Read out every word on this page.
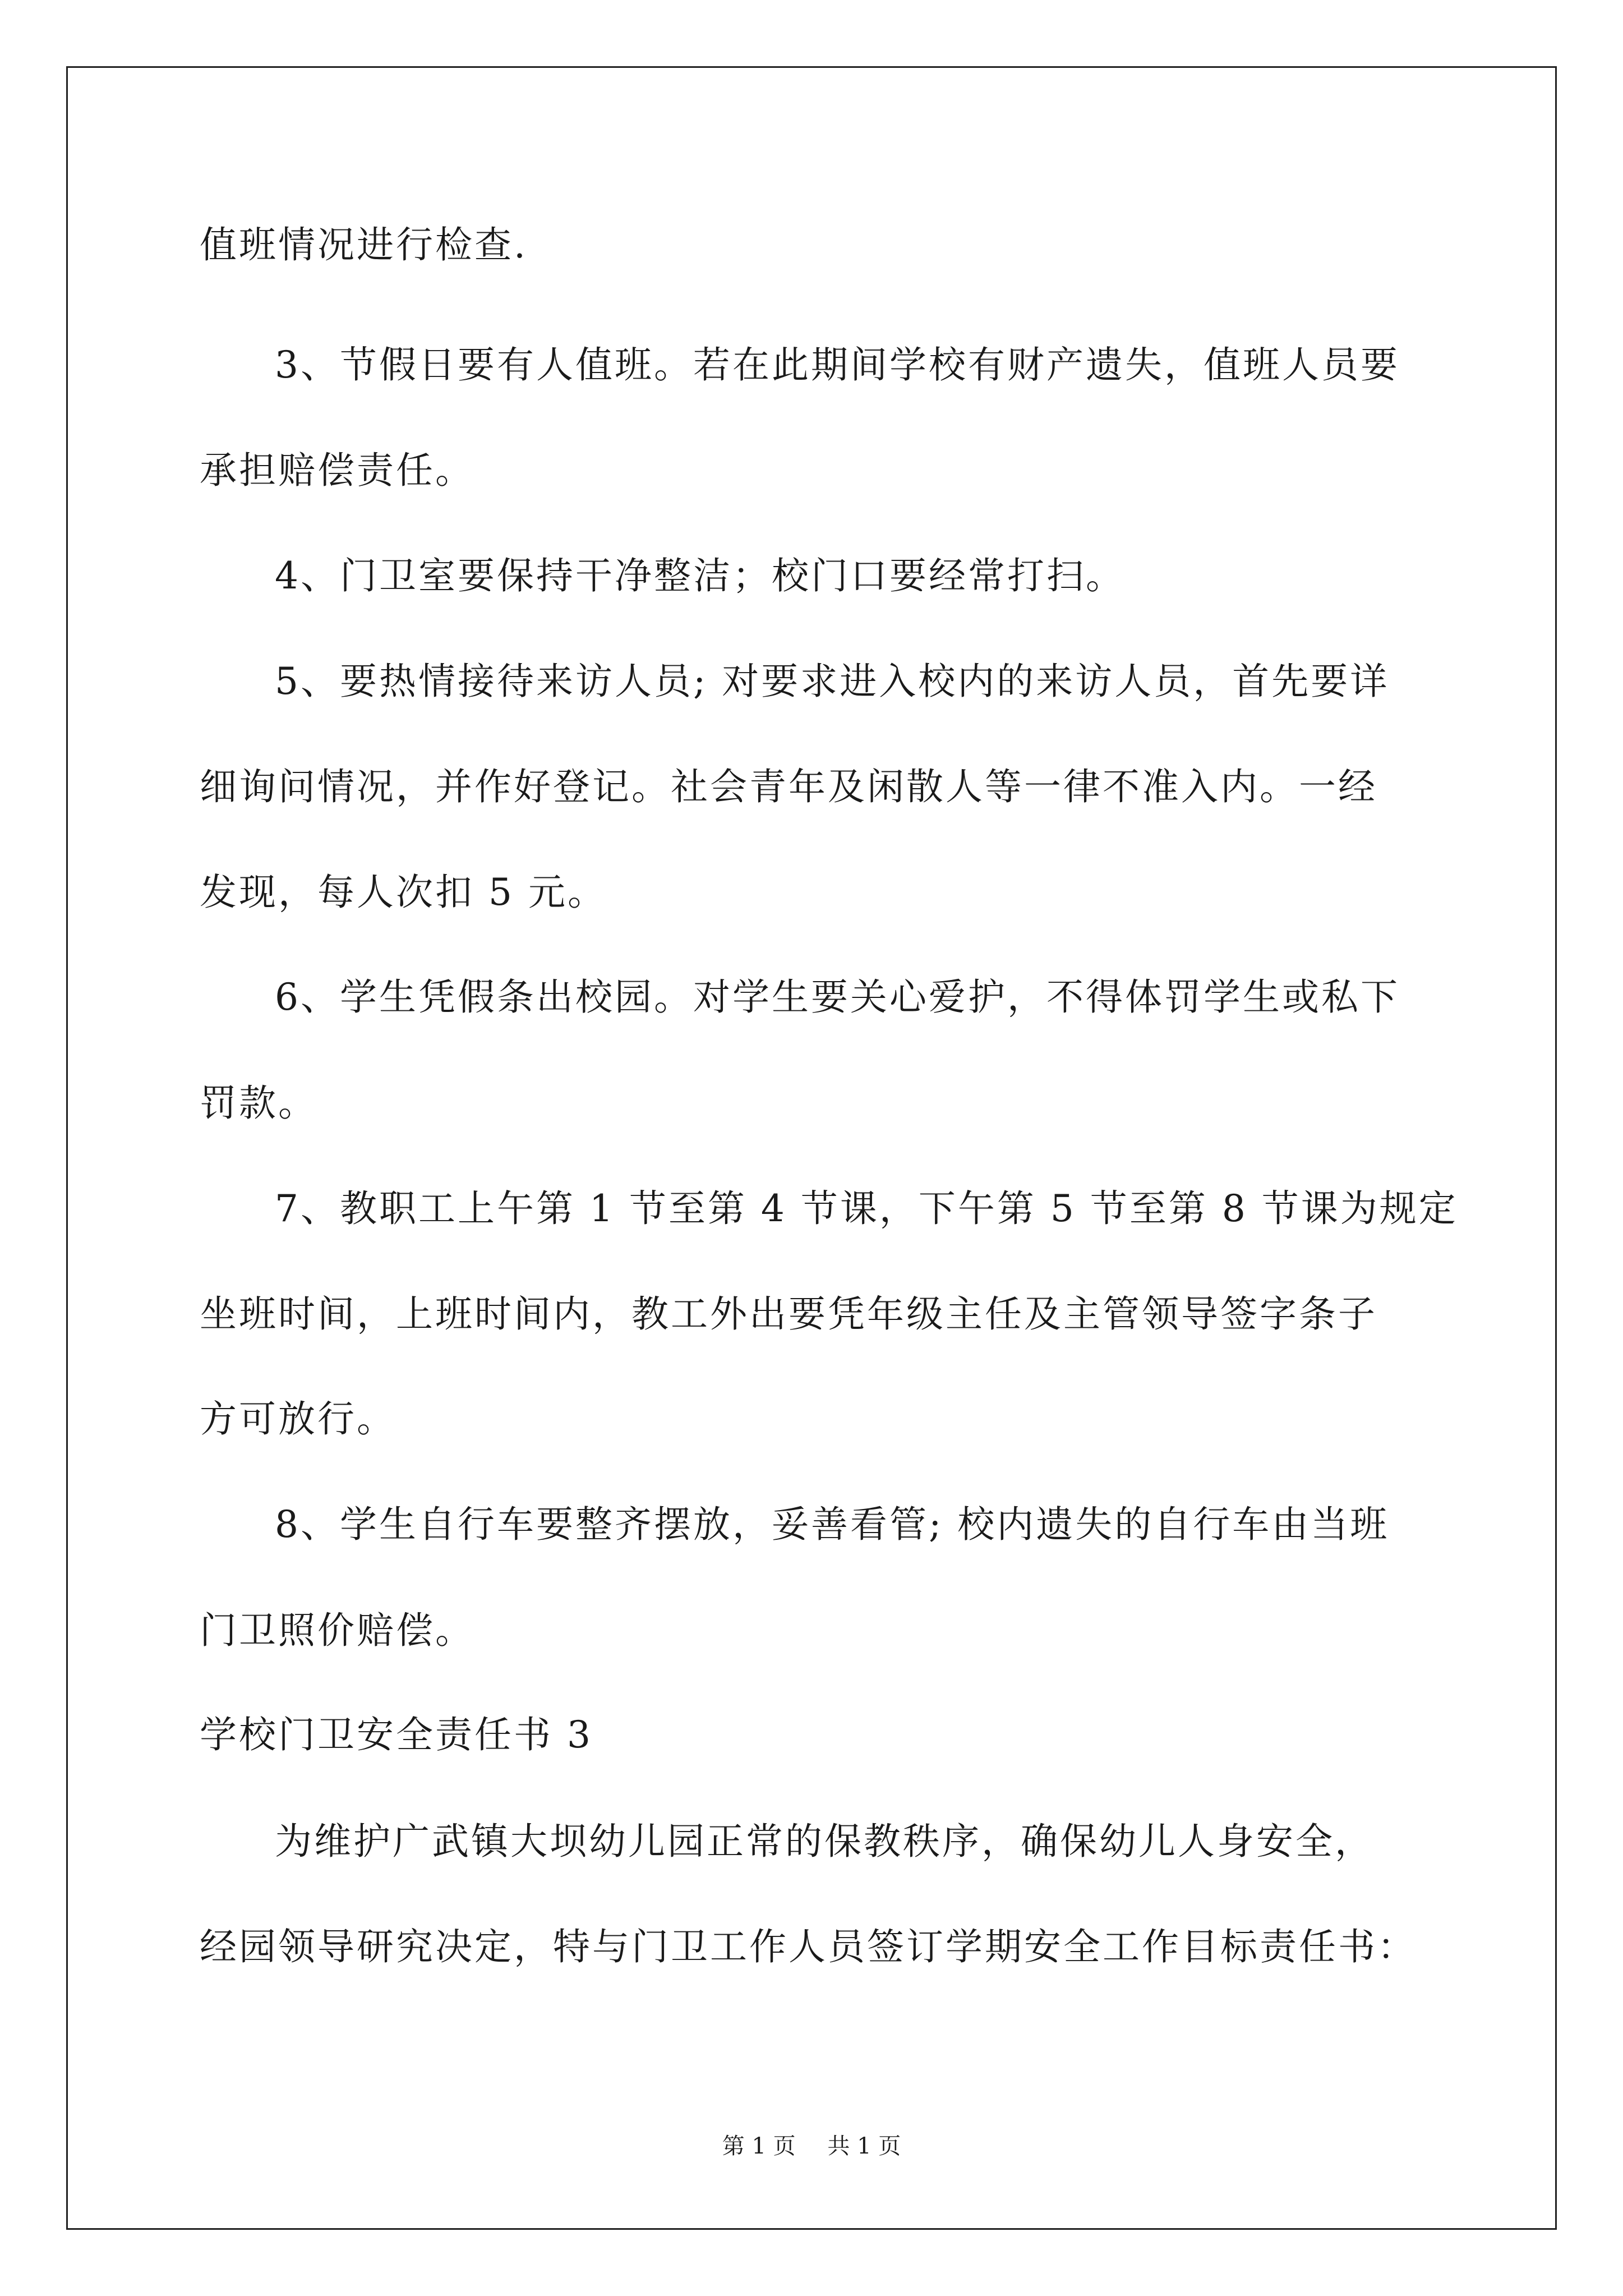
值班情况进行检查.
3、节假日要有人值班。若在此期间学校有财产遗失，值班人员要
承担赔偿责任。
4、门卫室要保持干净整洁；校门口要经常打扫。
5、要热情接待来访人员; 对要求进入校内的来访人员，首先要详
细询问情况，并作好登记。社会青年及闲散人等一律不准入内。一经
发现，每人次扣 5 元。
6、学生凭假条出校园。对学生要关心爱护，不得体罚学生或私下
罚款。
7、教职工上午第 1 节至第 4 节课，下午第 5 节至第 8 节课为规定
坐班时间，上班时间内，教工外出要凭年级主任及主管领导签字条子
方可放行。
8、学生自行车要整齐摆放，妥善看管; 校内遗失的自行车由当班
门卫照价赔偿。
学校门卫安全责任书 3
为维护广武镇大坝幼儿园正常的保教秩序，确保幼儿人身安全，
经园领导研究决定，特与门卫工作人员签订学期安全工作目标责任书：
第 1 页 共 1 页
